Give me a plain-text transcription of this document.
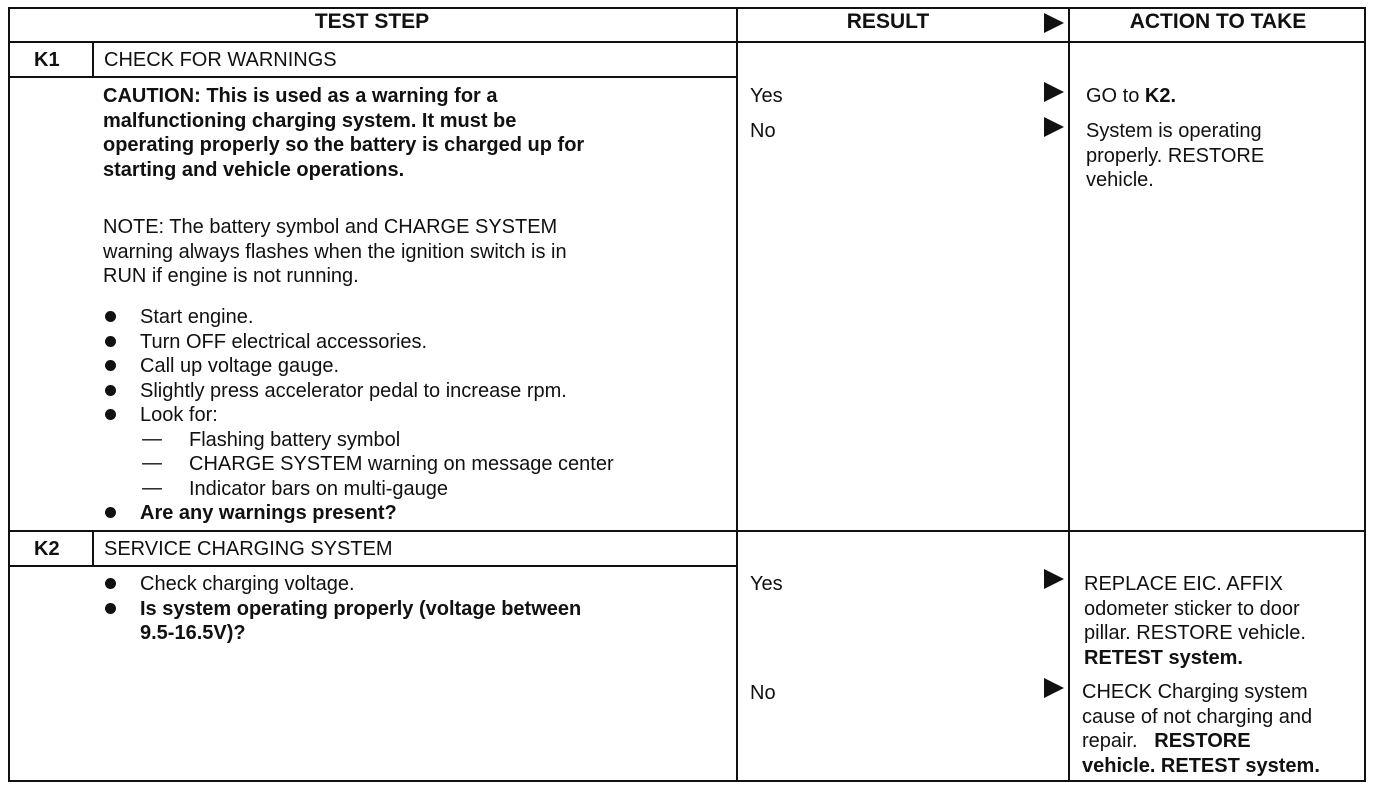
TEST STEP	RESULT	ACTION TO TAKE
K1 CHECK FOR WARNINGS
CAUTION: This is used as a warning for a
malfunctioning charging system. It must be
operating properly so the battery is charged up for
starting and vehicle operations.
NOTE: The battery symbol and CHARGE SYSTEM
warning always flashes when the ignition switch is in
RUN if engine is not running.
Start engine.
Turn OFF electrical accessories.
Call up voltage gauge.
Slightly press accelerator pedal to increase rpm.
Look for:
— Flashing battery symbol
— CHARGE SYSTEM warning on message center
— Indicator bars on multi-gauge
Are any warnings present?
Yes
No
GO to K2.
System is operating
properly. RESTORE
vehicle.
K2 SERVICE CHARGING SYSTEM
Check charging voltage.
Is system operating properly (voltage between
9.5-16.5V)?
Yes
No
REPLACE EIC. AFFIX
odometer sticker to door
pillar. RESTORE vehicle.
RETEST system.
CHECK Charging system
cause of not charging and
repair. RESTORE
vehicle. RETEST system.
